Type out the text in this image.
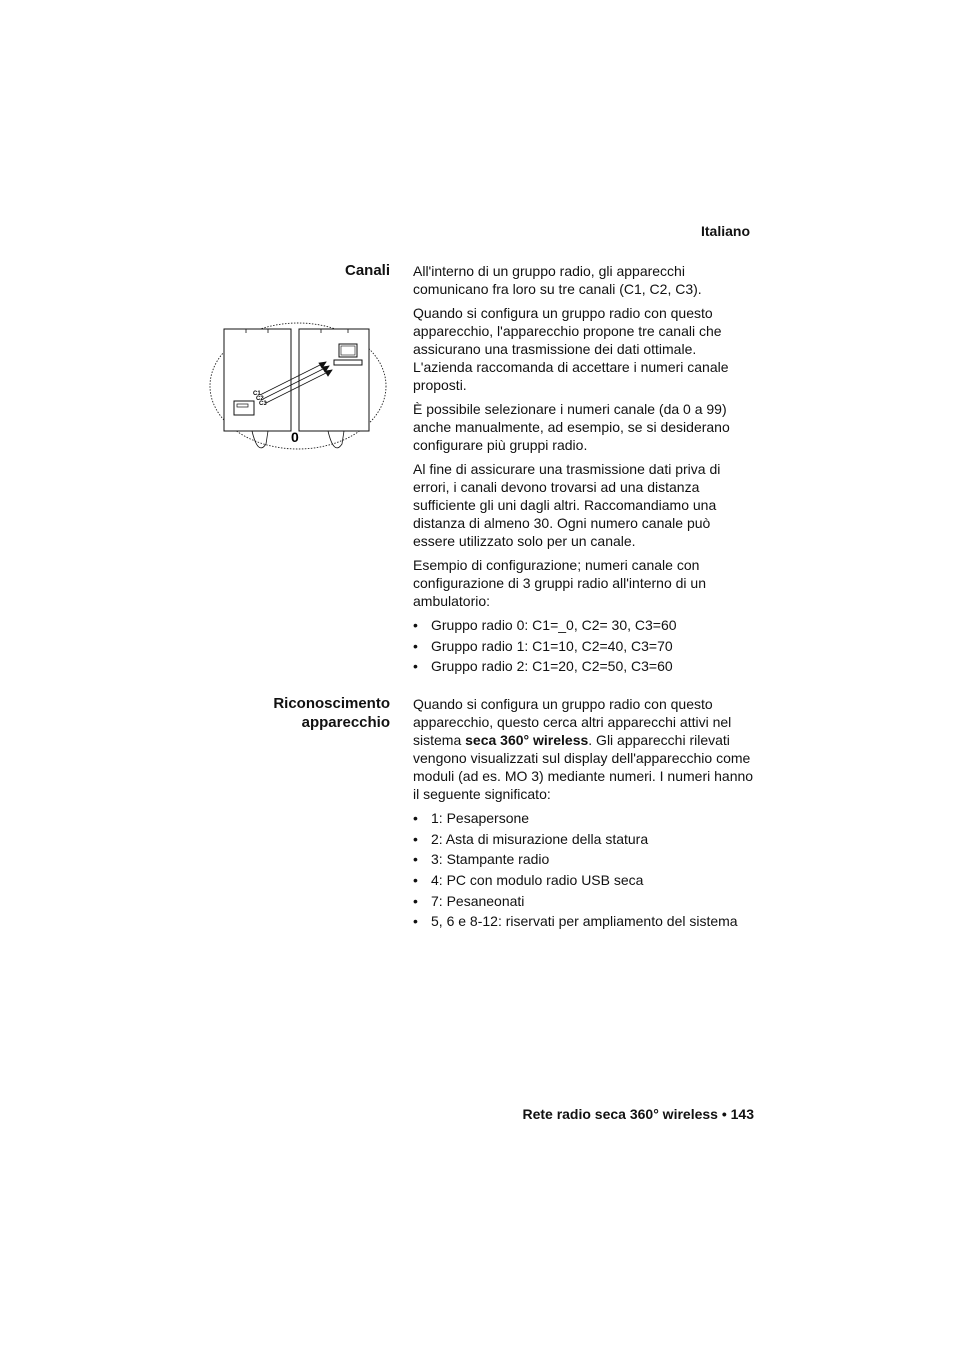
Italiano
Canali
C1
C2
C3
0

All'interno di un gruppo radio, gli apparecchi comunicano fra loro su tre canali (C1, C2, C3).

Quando si configura un gruppo radio con questo apparecchio, l'apparecchio propone tre canali che assicurano una trasmissione dei dati ottimale. L'azienda raccomanda di accettare i numeri canale proposti.

È possibile selezionare i numeri canale (da 0 a 99) anche manualmente, ad esempio, se si desiderano configurare più gruppi radio.

Al fine di assicurare una trasmissione dati priva di errori, i canali devono trovarsi ad una distanza sufficiente gli uni dagli altri. Raccomandiamo una distanza di almeno 30. Ogni numero canale può essere utilizzato solo per un canale.

Esempio di configurazione; numeri canale con configurazione di 3 gruppi radio all'interno di un ambulatorio:

• Gruppo radio 0: C1=_0, C2= 30, C3=60
• Gruppo radio 1: C1=10, C2=40, C3=70
• Gruppo radio 2: C1=20, C2=50, C3=60
Riconoscimento
apparecchio

Quando si configura un gruppo radio con questo apparecchio, questo cerca altri apparecchi attivi nel sistema seca 360° wireless. Gli apparecchi rilevati vengono visualizzati sul display dell'apparecchio come moduli (ad es. MO 3) mediante numeri. I numeri hanno il seguente significato:

• 1: Pesapersone
• 2: Asta di misurazione della statura
• 3: Stampante radio
• 4: PC con modulo radio USB seca
• 7: Pesaneonati
• 5, 6 e 8-12: riservati per ampliamento del sistema
Rete radio seca 360° wireless • 143
